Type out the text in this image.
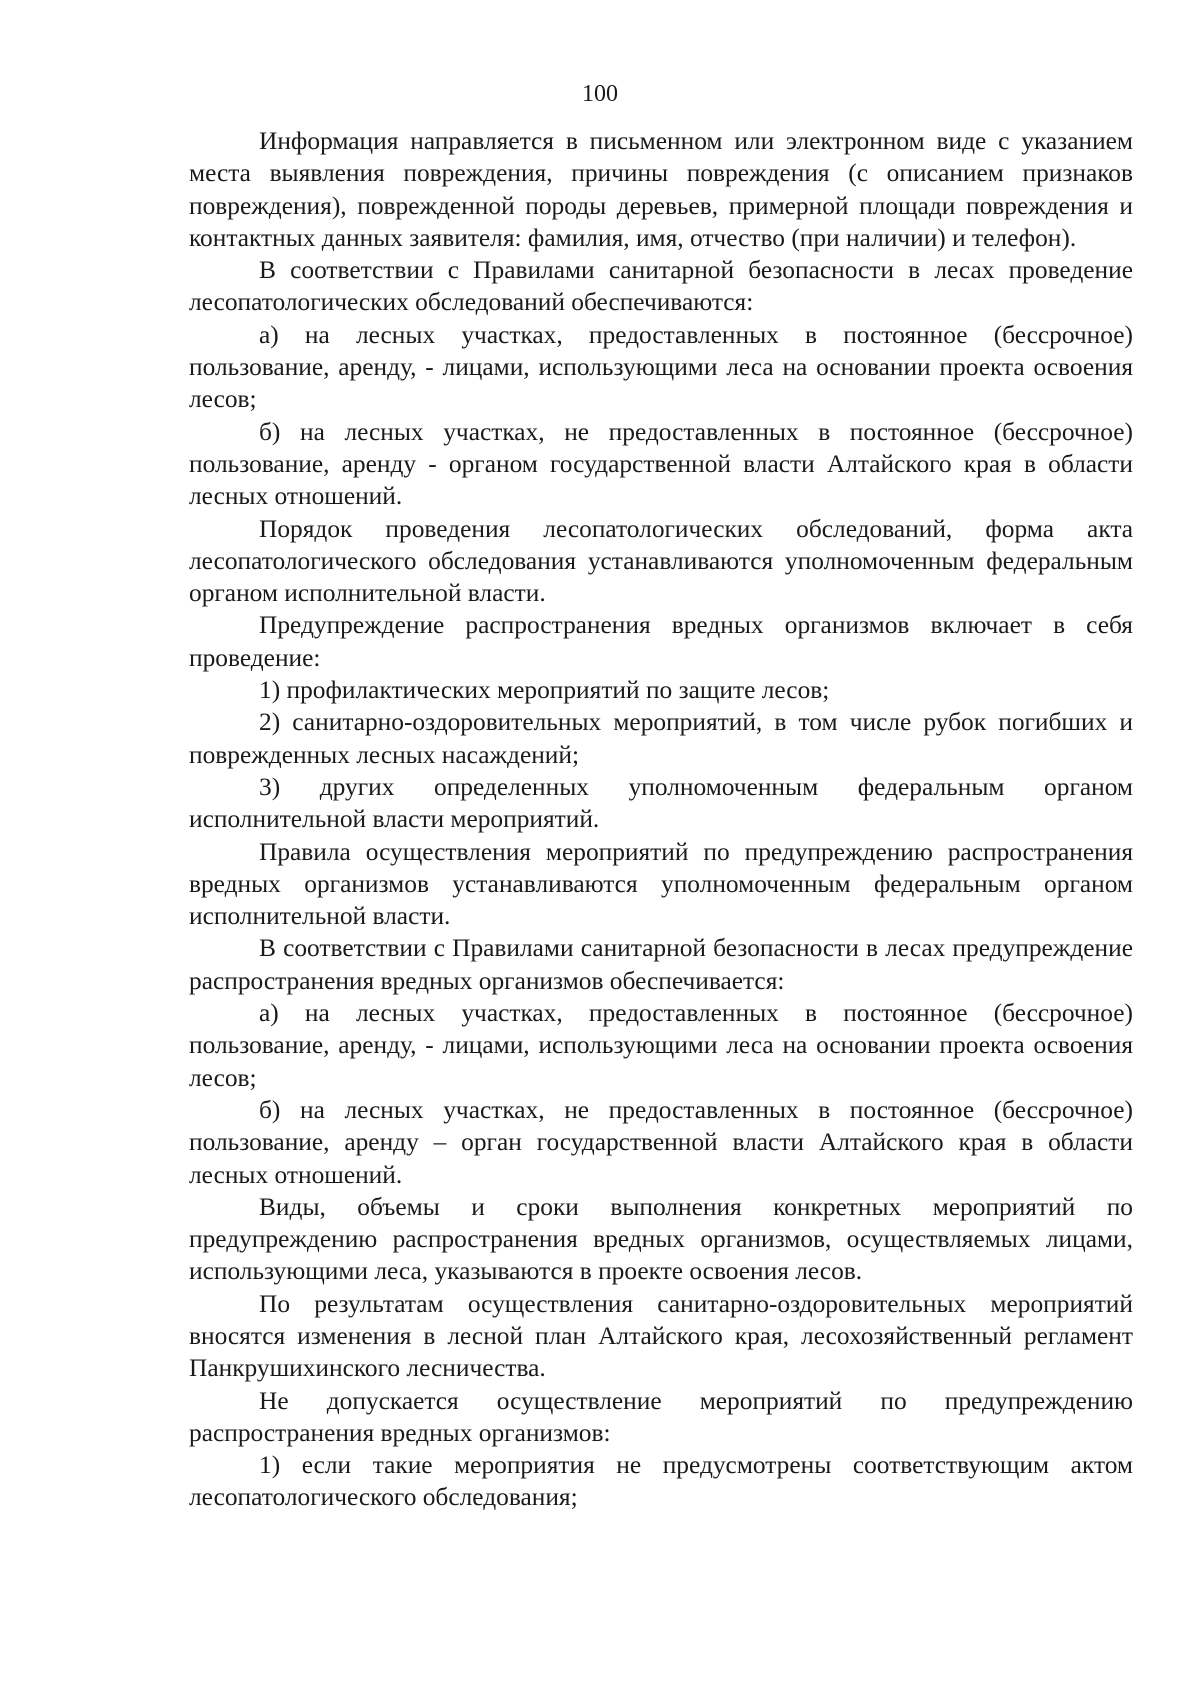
100

Информация направляется в письменном или электронном виде с указанием места выявления повреждения, причины повреждения (с описанием признаков повреждения), поврежденной породы деревьев, примерной площади повреждения и контактных данных заявителя: фамилия, имя, отчество (при наличии) и телефон).

В соответствии с Правилами санитарной безопасности в лесах проведение лесопатологических обследований обеспечиваются:

а) на лесных участках, предоставленных в постоянное (бессрочное) пользование, аренду, - лицами, использующими леса на основании проекта освоения лесов;

б) на лесных участках, не предоставленных в постоянное (бессрочное) пользование, аренду - органом государственной власти Алтайского края в области лесных отношений.

Порядок проведения лесопатологических обследований, форма акта лесопатологического обследования устанавливаются уполномоченным федеральным органом исполнительной власти.

Предупреждение распространения вредных организмов включает в себя проведение:

1) профилактических мероприятий по защите лесов;

2) санитарно-оздоровительных мероприятий, в том числе рубок погибших и поврежденных лесных насаждений;

3) других определенных уполномоченным федеральным органом исполнительной власти мероприятий.

Правила осуществления мероприятий по предупреждению распространения вредных организмов устанавливаются уполномоченным федеральным органом исполнительной власти.

В соответствии с Правилами санитарной безопасности в лесах предупреждение распространения вредных организмов обеспечивается:

а) на лесных участках, предоставленных в постоянное (бессрочное) пользование, аренду, - лицами, использующими леса на основании проекта освоения лесов;

б) на лесных участках, не предоставленных в постоянное (бессрочное) пользование, аренду – орган государственной власти Алтайского края в области лесных отношений.

Виды, объемы и сроки выполнения конкретных мероприятий по предупреждению распространения вредных организмов, осуществляемых лицами, использующими леса, указываются в проекте освоения лесов.

По результатам осуществления санитарно-оздоровительных мероприятий вносятся изменения в лесной план Алтайского края, лесохозяйственный регламент Панкрушихинского лесничества.

Не допускается осуществление мероприятий по предупреждению распространения вредных организмов:

1) если такие мероприятия не предусмотрены соответствующим актом лесопатологического обследования;
